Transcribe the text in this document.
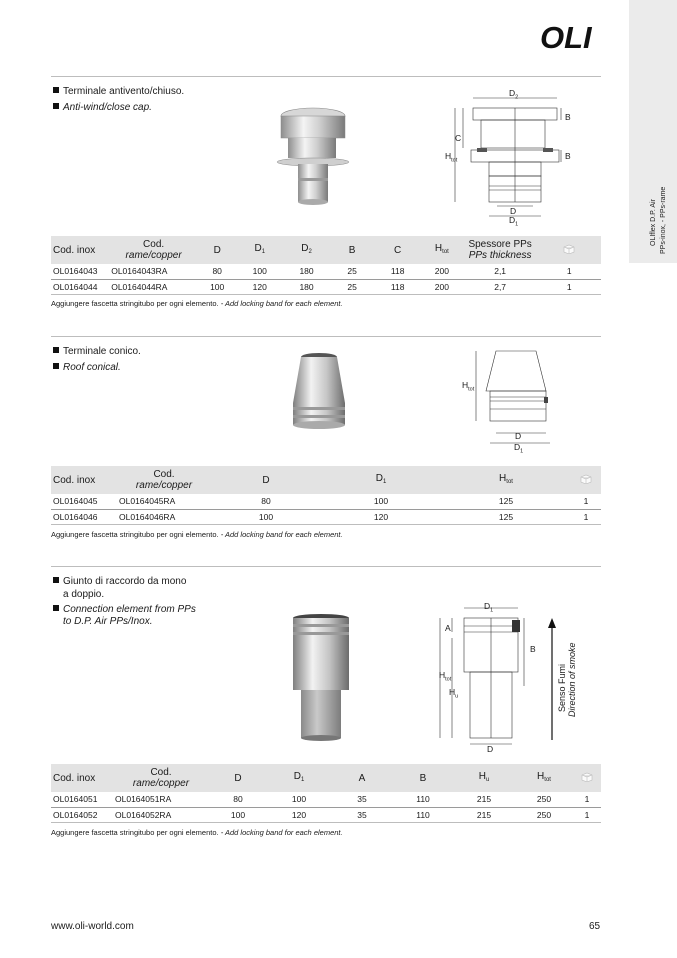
OLIflex D.P. Air PPs-inox, - PPs-rame
OLI
Terminale antivento/chiuso.
Anti-wind/close cap.
$D_2$
B
C
$H_{tot}$	B
D
$D_1$
Cod. inox	Cod.
rame/copper	D	$D_1$	$D_2$	B	C	$H_{tot}$	Spessore PPs
PPs thickness	
OL0164043	OL0164043RA	80	100	180	25	118	200	2,1	1
OL0164044	OL0164044RA	100	120	180	25	118	200	2,7	1
Aggiungere fascetta stringitubo per ogni elemento. - Add locking band for each element.
Terminale conico.
Roof conical.
$H_{tot}$
D
$D_1$
Cod. inox	Cod.
rame/copper	D	$D_1$	$H_{tot}$	
OL0164045	OL0164045RA	80	100	125	1
OL0164046	OL0164046RA	100	120	125	1
Aggiungere fascetta stringitubo per ogni elemento. - Add locking band for each element.
Giunto di raccordo da mono
a doppio.
Connection element from PPs
to D.P. Air PPs/Inox.
$D_1$
A
B
$H_{tot}$
$H_u$
D
Senso Fumi Direction of smoke
Cod. inox	Cod.
rame/copper	D	$D_1$	A	B	$H_u$	$H_{tot}$	
OL0164051	OL0164051RA	80	100	35	110	215	250	1
OL0164052	OL0164052RA	100	120	35	110	215	250	1
Aggiungere fascetta stringitubo per ogni elemento. - Add locking band for each element.
www.oli-world.com	65
